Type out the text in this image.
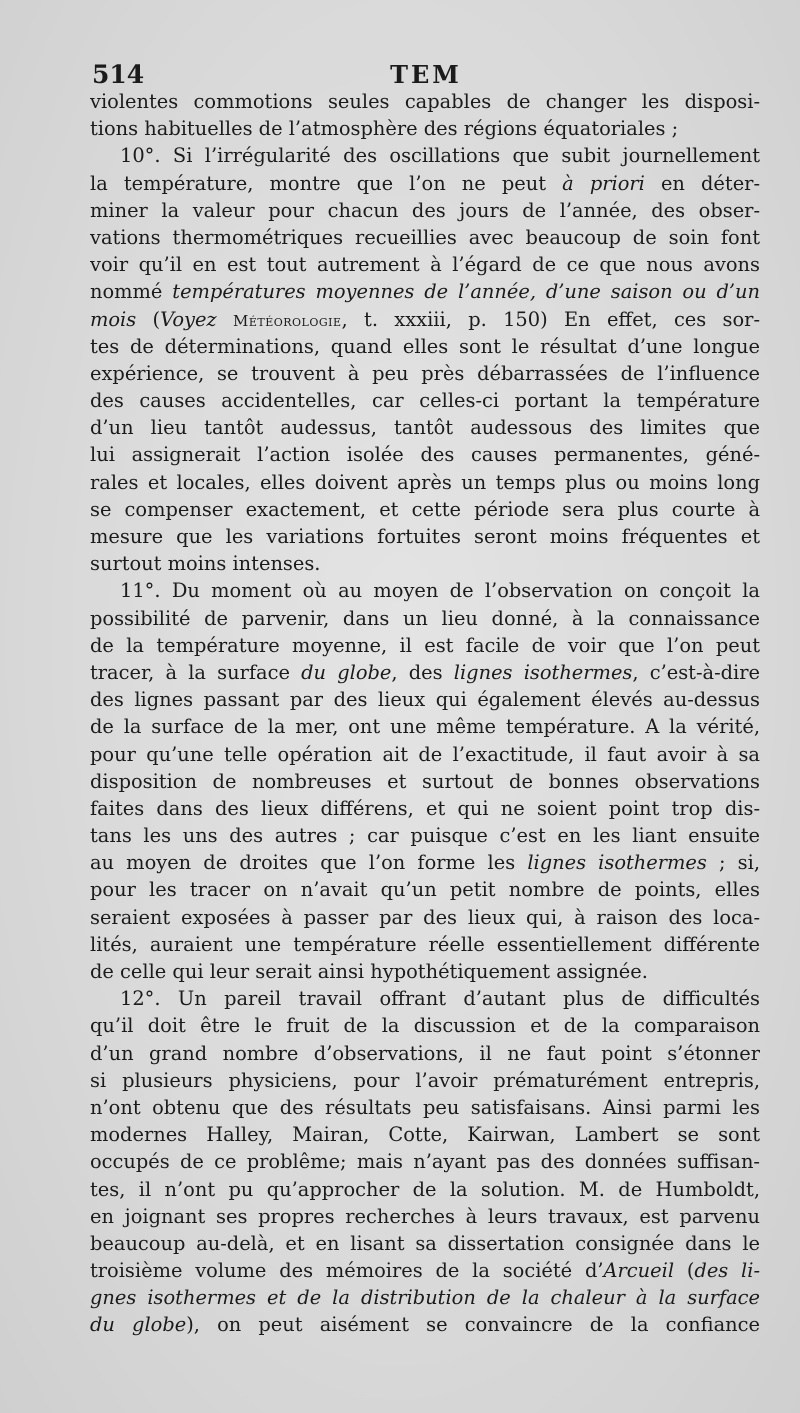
514	TEM
violentes commotions seules capables de changer les disposi-
tions habituelles de l’atmosphère des régions équatoriales ;
10°. Si l’irrégularité des oscillations que subit journellement
la température, montre que l’on ne peut à priori en déter-
miner la valeur pour chacun des jours de l’année, des obser-
vations thermométriques recueillies avec beaucoup de soin font
voir qu’il en est tout autrement à l’égard de ce que nous avons
nommé températures moyennes de l’année, d’une saison ou d’un
mois (Voyez Météorologie, t. xxxiii, p. 150) En effet, ces sor-
tes de déterminations, quand elles sont le résultat d’une longue
expérience, se trouvent à peu près débarrassées de l’influence
des causes accidentelles, car celles-ci portant la température
d’un lieu tantôt audessus, tantôt audessous des limites que
lui assignerait l’action isolée des causes permanentes, géné-
rales et locales, elles doivent après un temps plus ou moins long
se compenser exactement, et cette période sera plus courte à
mesure que les variations fortuites seront moins fréquentes et
surtout moins intenses.
11°. Du moment où au moyen de l’observation on conçoit la
possibilité de parvenir, dans un lieu donné, à la connaissance
de la température moyenne, il est facile de voir que l’on peut
tracer, à la surface du globe, des lignes isothermes, c’est-à-dire
des lignes passant par des lieux qui également élevés au-dessus
de la surface de la mer, ont une même température. A la vérité,
pour qu’une telle opération ait de l’exactitude, il faut avoir à sa
disposition de nombreuses et surtout de bonnes observations
faites dans des lieux différens, et qui ne soient point trop dis-
tans les uns des autres ; car puisque c’est en les liant ensuite
au moyen de droites que l’on forme les lignes isothermes ; si,
pour les tracer on n’avait qu’un petit nombre de points, elles
seraient exposées à passer par des lieux qui, à raison des loca-
lités, auraient une température réelle essentiellement différente
de celle qui leur serait ainsi hypothétiquement assignée.
12°. Un pareil travail offrant d’autant plus de difficultés
qu’il doit être le fruit de la discussion et de la comparaison
d’un grand nombre d’observations, il ne faut point s’étonner
si plusieurs physiciens, pour l’avoir prématurément entrepris,
n’ont obtenu que des résultats peu satisfaisans. Ainsi parmi les
modernes Halley, Mairan, Cotte, Kairwan, Lambert se sont
occupés de ce problême; mais n’ayant pas des données suffisan-
tes, il n’ont pu qu’approcher de la solution. M. de Humboldt,
en joignant ses propres recherches à leurs travaux, est parvenu
beaucoup au-delà, et en lisant sa dissertation consignée dans le
troisième volume des mémoires de la société d’Arcueil (des li-
gnes isothermes et de la distribution de la chaleur à la surface
du globe), on peut aisément se convaincre de la confiance
